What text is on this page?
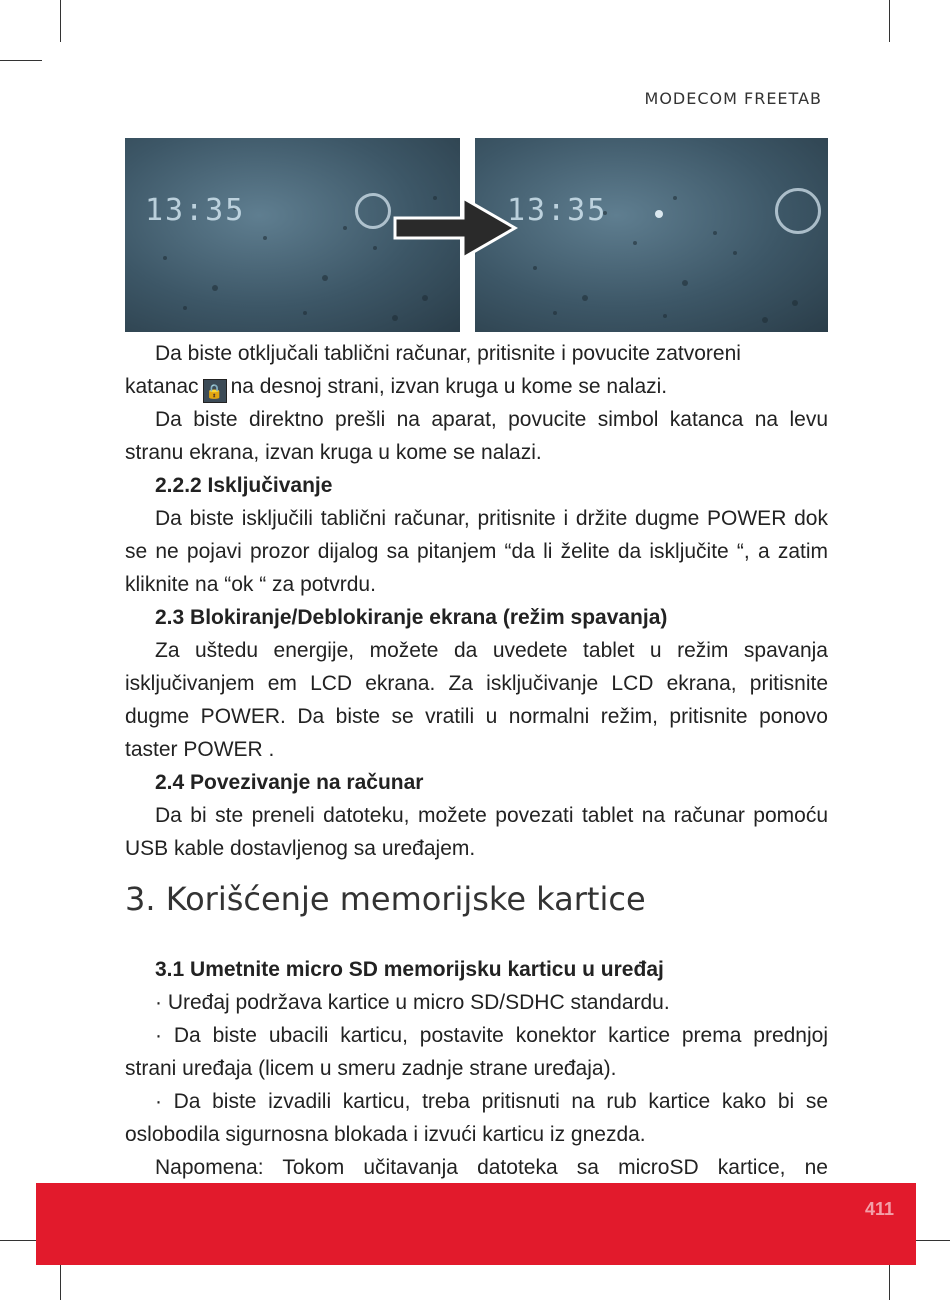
MODECOM FREETAB
13:35	13:35

Da biste otključali tablični računar, pritisnite i povucite zatvoreni

katanac 🔒 na desnoj strani, izvan kruga u kome se nalazi.

Da biste direktno prešli na aparat, povucite simbol katanca na levu stranu ekrana, izvan kruga u kome se nalazi.

2.2.2 Isključivanje

Da biste isključili tablični računar, pritisnite i držite dugme POWER dok se ne pojavi prozor dijalog sa pitanjem “da li želite da isključite “, a zatim kliknite na “ok “ za potvrdu.

2.3 Blokiranje/Deblokiranje ekrana (režim spavanja)

Za uštedu energije, možete da uvedete tablet u režim spavanja isključivanjem em LCD ekrana. Za isključivanje LCD ekrana, pritisnite dugme POWER. Da biste se vratili u normalni režim, pritisnite ponovo taster POWER .

2.4 Povezivanje na računar

Da bi ste preneli datoteku, možete povezati tablet na računar pomoću USB kable dostavljenog sa uređajem.

3. Korišćenje memorijske kartice

3.1 Umetnite micro SD memorijsku karticu u uređaj

· Uređaj podržava kartice u micro SD/SDHC standardu.

· Da biste ubacili karticu, postavite konektor kartice prema prednjoj strani uređaja (licem u smeru zadnje strane uređaja).

· Da biste izvadili karticu, treba pritisnuti na rub kartice kako bi se oslobodila sigurnosna blokada i izvući karticu iz gnezda.

Napomena: Tokom učitavanja datoteka sa microSD kartice, ne

411
